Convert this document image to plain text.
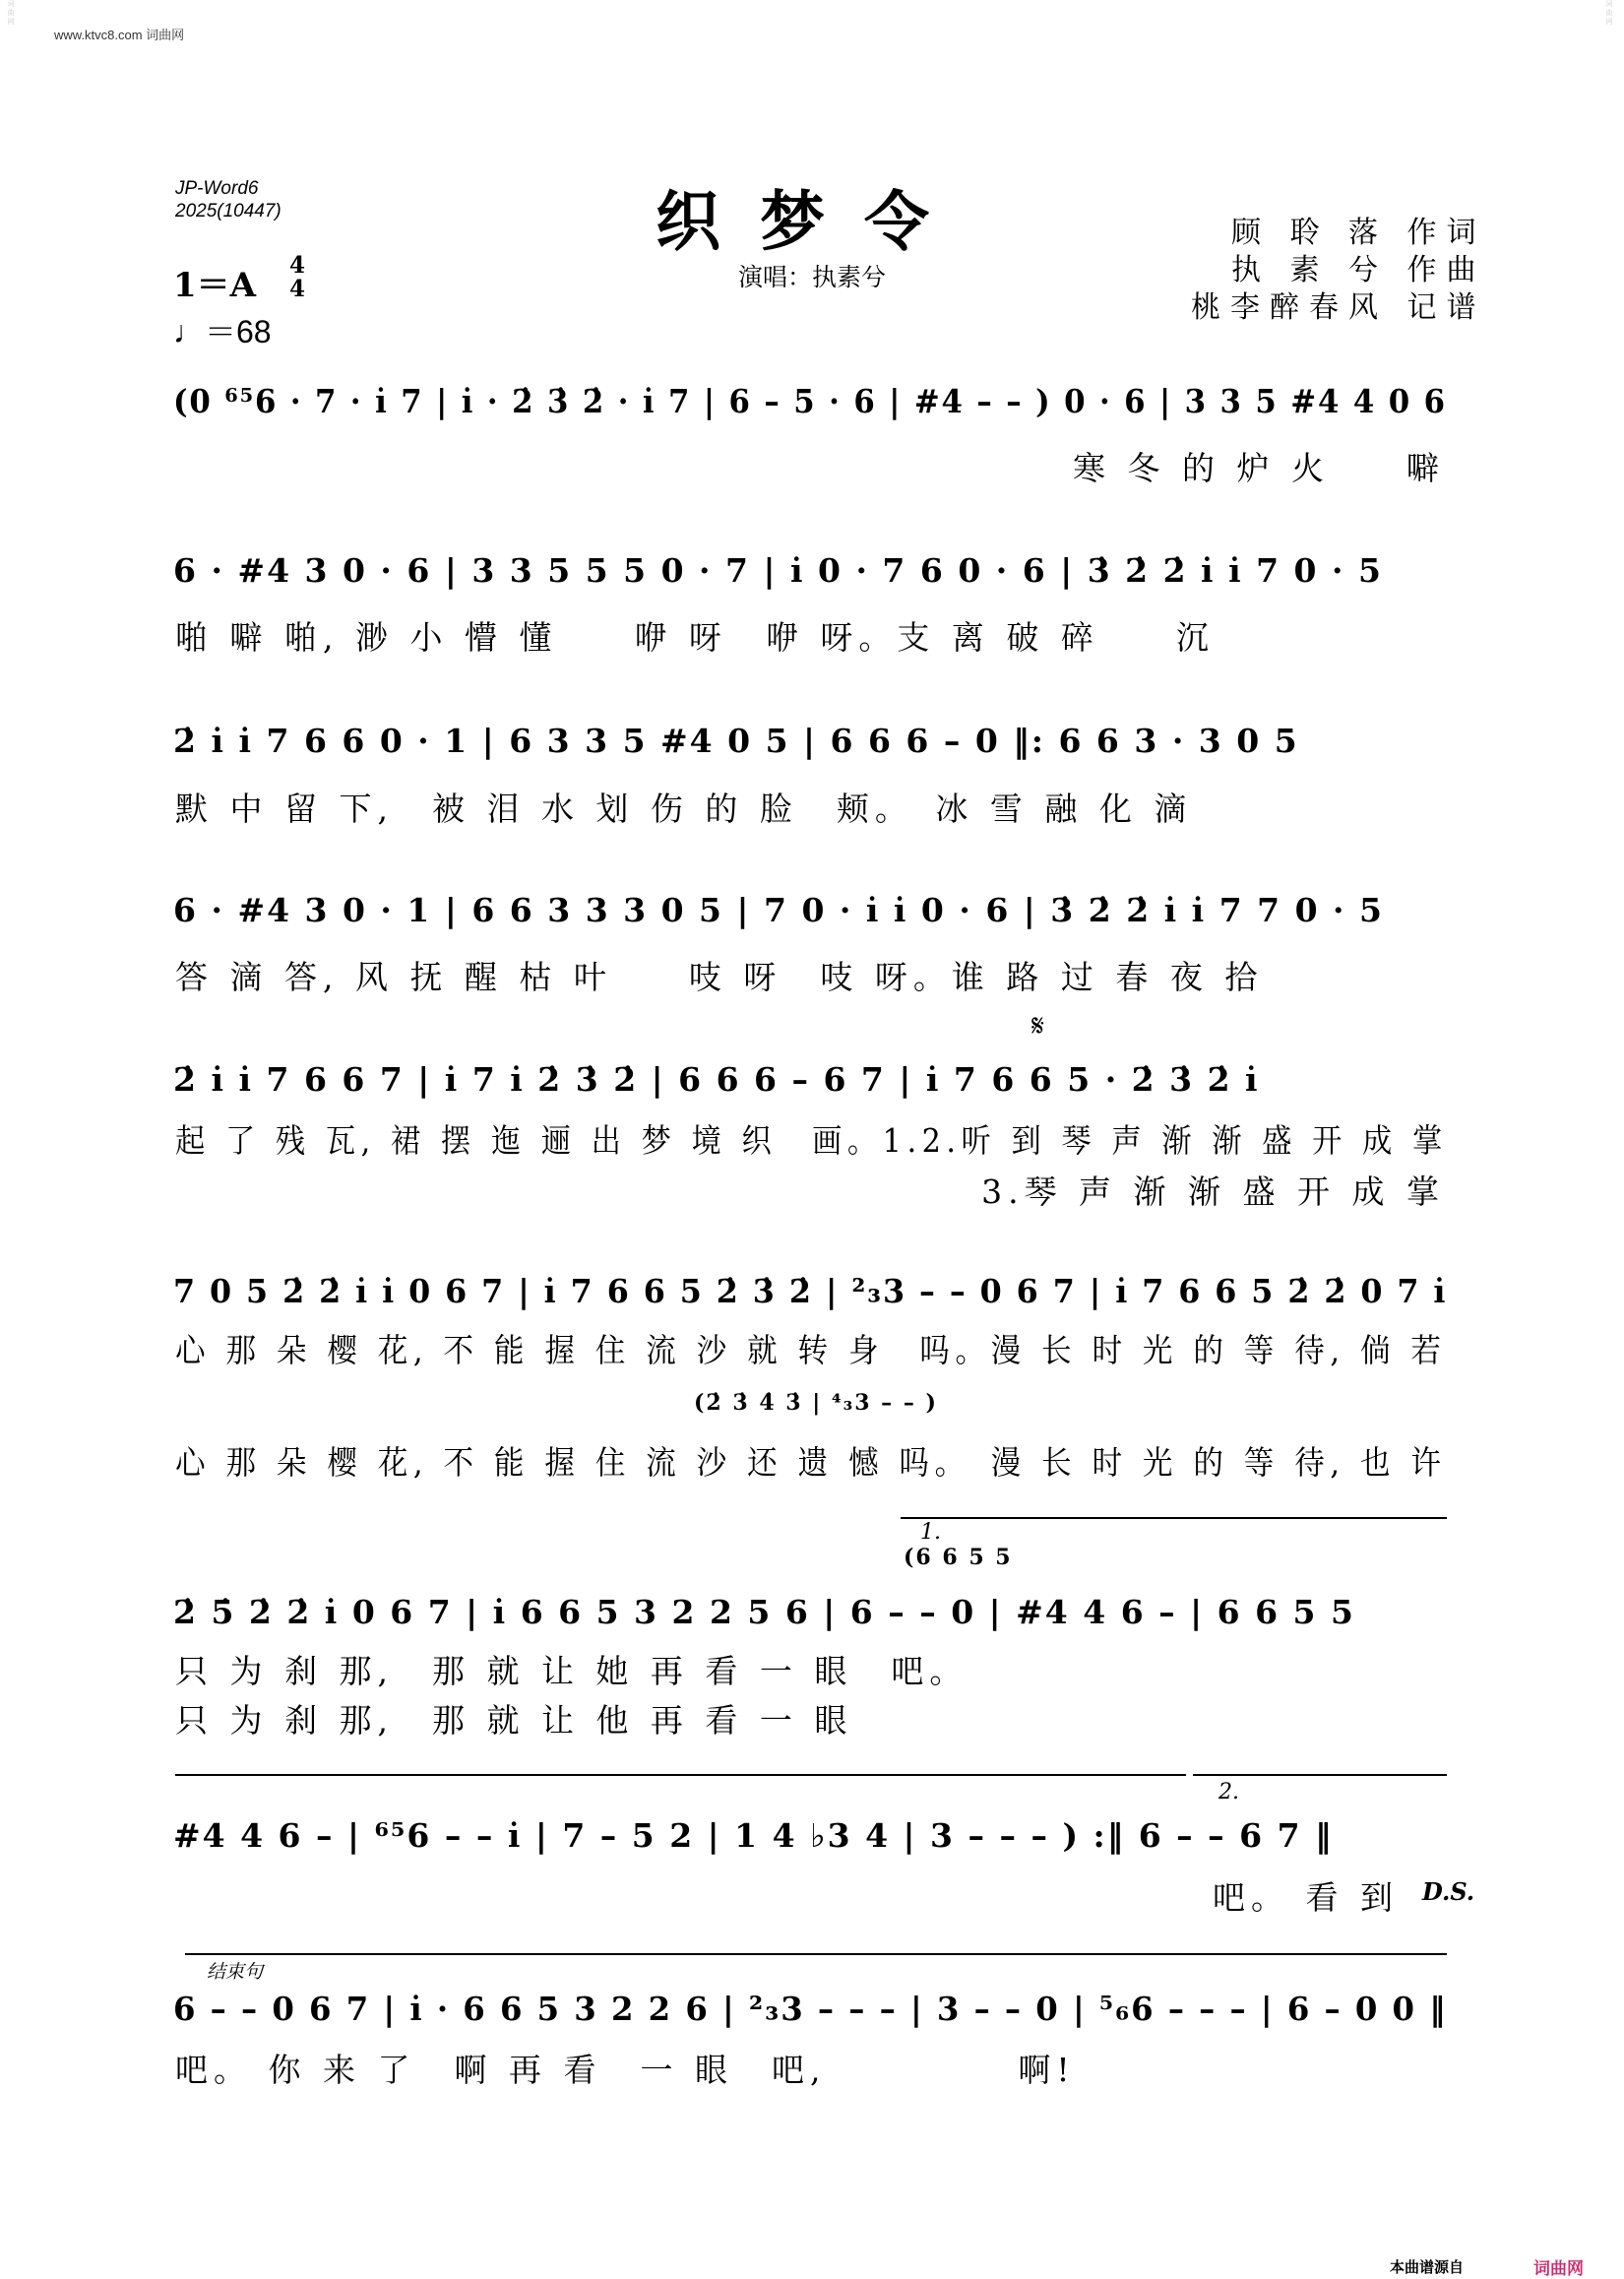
www.ktvc8.com 词曲网
词曲网	词曲网
JP-Word6
2025(10447)	织梦令
演唱：执素兮
顾 聆 落 作词
执 素 兮 作曲
桃李醉春风 记谱
1＝A
4
4
♩＝68
(0 ⁶⁵6 · 7 · i̇ 7 | i̇ · 2̇ 3̇ 2̇ · i̇ 7 | 6 – 5 · 6 | #4 – – ) 0 · 6 | 3 3 5 #4 4 0 6
寒 冬 的 炉 火　　噼
6 · #4 3 0 · 6 | 3 3 5 5 5 0 · 7 | i̇ 0 · 7 6 0 · 6 | 3̇ 2̇ 2̇ i̇ i̇ 7 0 · 5
啪 噼 啪, 渺 小 懵 懂　　咿 呀　咿 呀。支 离 破 碎　　沉
2̇ i̇ i̇ 7 6 6 0 · 1 | 6 3 3 5 #4 0 5 | 6 6 6 – 0 ‖: 6 6 3 · 3 0 5
默 中 留 下,　被 泪 水 划 伤 的 脸　颊。　冰 雪 融 化 滴
6 · #4 3 0 · 1 | 6 6 3 3 3 0 5 | 7 0 · i̇ i̇ 0 · 6 | 3̇ 2̇ 2̇ i̇ i̇ 7 7 0 · 5
答 滴 答, 风 抚 醒 枯 叶　　吱 呀　吱 呀。谁 路 过 春 夜 拾
𝄋
2̇ i̇ i̇ 7 6 6 7 | i̇ 7 i̇ 2̇ 3̇ 2̇ | 6 6 6 – 6 7 | i̇ 7 6 6 5 · 2̇ 3̇ 2̇ i̇
起 了 残 瓦, 裙 摆 迤 逦 出 梦 境 织　画。1.2.听 到 琴 声 渐 渐 盛 开 成 掌
3.琴 声 渐 渐 盛 开 成 掌
7 0 5 2̇ 2̇ i̇ i̇ 0 6 7 | i̇ 7 6 6 5 2̇ 3̇ 2̇ | ²₃3 – – 0 6 7 | i̇ 7 6 6 5 2̇ 2̇ 0 7 i̇
心 那 朵 樱 花, 不 能 握 住 流 沙 就 转 身　吗。漫 长 时 光 的 等 待, 倘 若
(2̇ 3̇ 4̇ 3̇ | ⁴₃3 – – )
心 那 朵 樱 花, 不 能 握 住 流 沙 还 遗 憾 吗。　漫 长 时 光 的 等 待, 也 许
1.
(6 6 5 5
2̇ 5̇ 2̇ 2̇ i̇ 0 6 7 | i̇ 6 6 5 3 2 2 5 6 | 6 – – 0 | #4 4 6 – | 6 6 5 5
只 为 刹 那,　那 就 让 她 再 看 一 眼　吧。
只 为 刹 那,　那 就 让 他 再 看 一 眼
2.
#4 4 6 – | ⁶⁵6 – – i̇ | 7 – 5 2 | 1 4 ♭3 4 | 3 – – – ) :‖ 6 – – 6 7 ‖
吧。 看 到 D.S.
结束句
6 – – 0 6 7 | i̇ · 6 6 5 3 2 2 6 | ²₃3 – – – | 3 – – 0 | ⁵₆6 – – – | 6 – 0 0 ‖
吧。 你 来 了　啊 再 看　一 眼　吧,　　　　　啊!
本曲谱源自	词曲网
